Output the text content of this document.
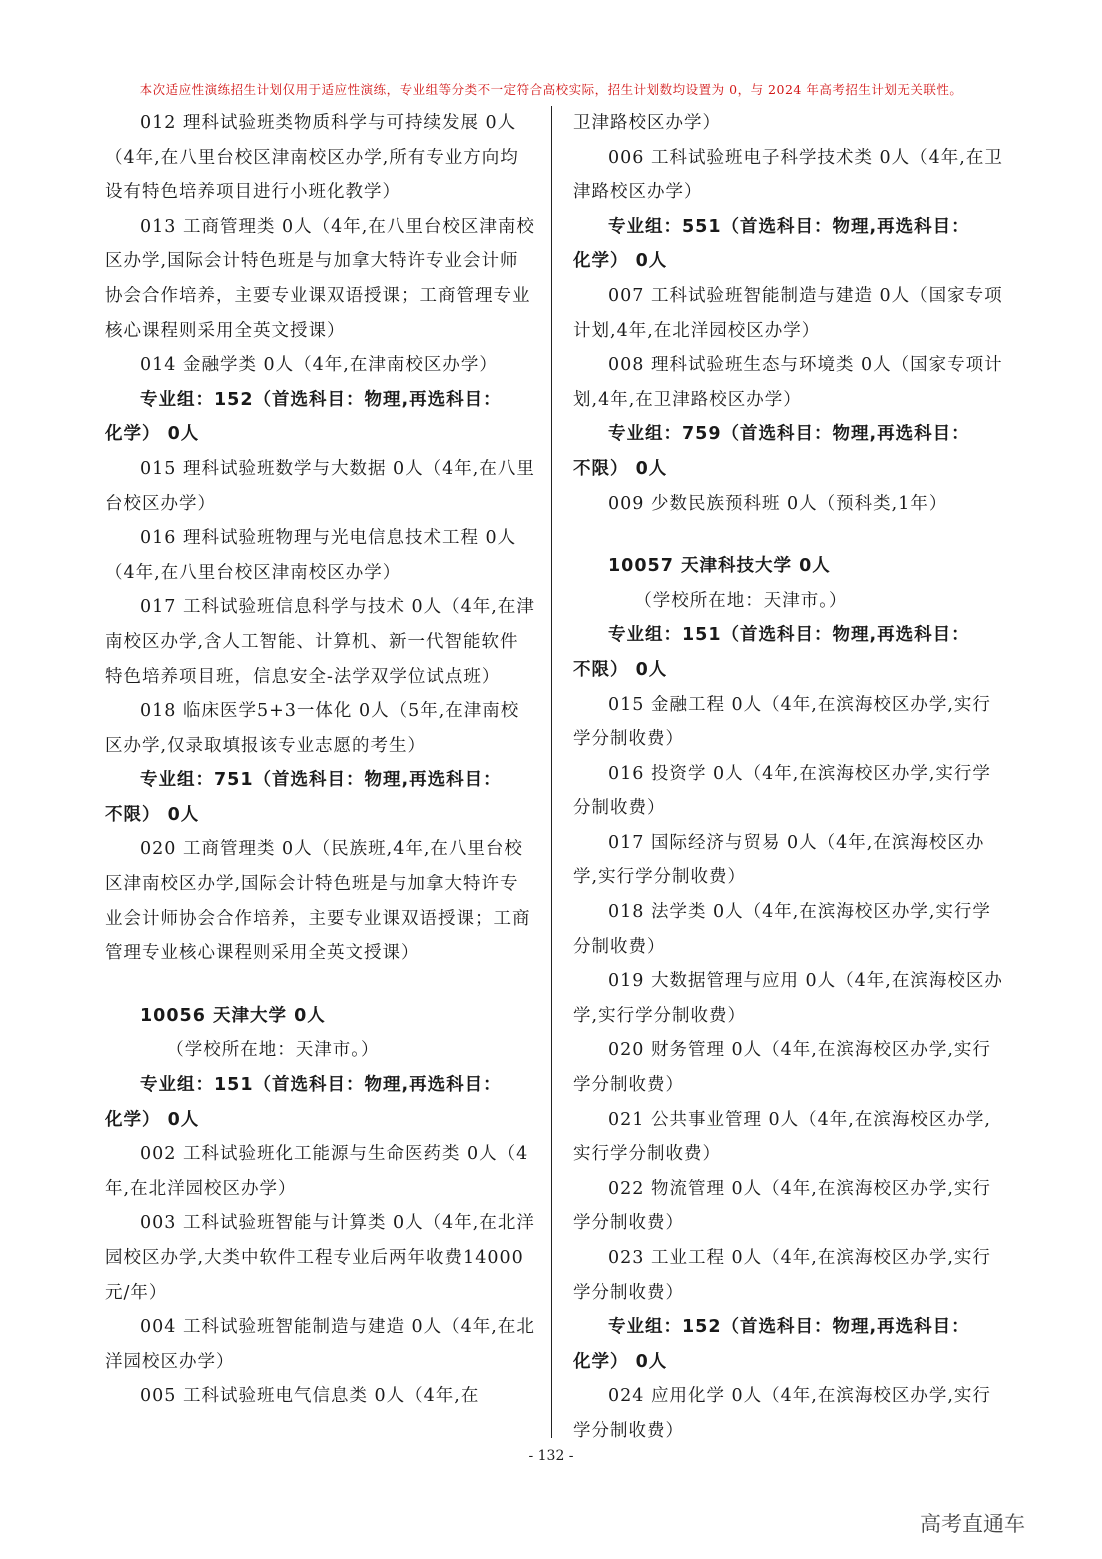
本次适应性演练招生计划仅用于适应性演练，专业组等分类不一定符合高校实际，招生计划数均设置为 0，与 2024 年高考招生计划无关联性。

012 理科试验班类物质科学与可持续发展 0人（4年,在八里台校区津南校区办学,所有专业方向均设有特色培养项目进行小班化教学）

013 工商管理类 0人（4年,在八里台校区津南校区办学,国际会计特色班是与加拿大特许专业会计师协会合作培养，主要专业课双语授课；工商管理专业核心课程则采用全英文授课）

014 金融学类 0人（4年,在津南校区办学）

专业组：152（首选科目：物理,再选科目：

化学） 0人

015 理科试验班数学与大数据 0人（4年,在八里台校区办学）

016 理科试验班物理与光电信息技术工程 0人（4年,在八里台校区津南校区办学）

017 工科试验班信息科学与技术 0人（4年,在津南校区办学,含人工智能、计算机、新一代智能软件特色培养项目班，信息安全-法学双学位试点班）

018 临床医学5+3一体化 0人（5年,在津南校区办学,仅录取填报该专业志愿的考生）

专业组：751（首选科目：物理,再选科目：

不限） 0人

020 工商管理类 0人（民族班,4年,在八里台校区津南校区办学,国际会计特色班是与加拿大特许专业会计师协会合作培养，主要专业课双语授课；工商管理专业核心课程则采用全英文授课）

10056 天津大学 0人

（学校所在地：天津市。）

专业组：151（首选科目：物理,再选科目：

化学） 0人

002 工科试验班化工能源与生命医药类 0人（4年,在北洋园校区办学）

003 工科试验班智能与计算类 0人（4年,在北洋园校区办学,大类中软件工程专业后两年收费14000元/年）

004 工科试验班智能制造与建造 0人（4年,在北洋园校区办学）

005 工科试验班电气信息类 0人（4年,在

卫津路校区办学）

006 工科试验班电子科学技术类 0人（4年,在卫津路校区办学）

专业组：551（首选科目：物理,再选科目：

化学） 0人

007 工科试验班智能制造与建造 0人（国家专项计划,4年,在北洋园校区办学）

008 理科试验班生态与环境类 0人（国家专项计划,4年,在卫津路校区办学）

专业组：759（首选科目：物理,再选科目：

不限） 0人

009 少数民族预科班 0人（预科类,1年）

10057 天津科技大学 0人

（学校所在地：天津市。）

专业组：151（首选科目：物理,再选科目：

不限） 0人

015 金融工程 0人（4年,在滨海校区办学,实行学分制收费）

016 投资学 0人（4年,在滨海校区办学,实行学分制收费）

017 国际经济与贸易 0人（4年,在滨海校区办学,实行学分制收费）

018 法学类 0人（4年,在滨海校区办学,实行学分制收费）

019 大数据管理与应用 0人（4年,在滨海校区办学,实行学分制收费）

020 财务管理 0人（4年,在滨海校区办学,实行学分制收费）

021 公共事业管理 0人（4年,在滨海校区办学,实行学分制收费）

022 物流管理 0人（4年,在滨海校区办学,实行学分制收费）

023 工业工程 0人（4年,在滨海校区办学,实行学分制收费）

专业组：152（首选科目：物理,再选科目：

化学） 0人

024 应用化学 0人（4年,在滨海校区办学,实行学分制收费）

- 132 -
高考直通车
